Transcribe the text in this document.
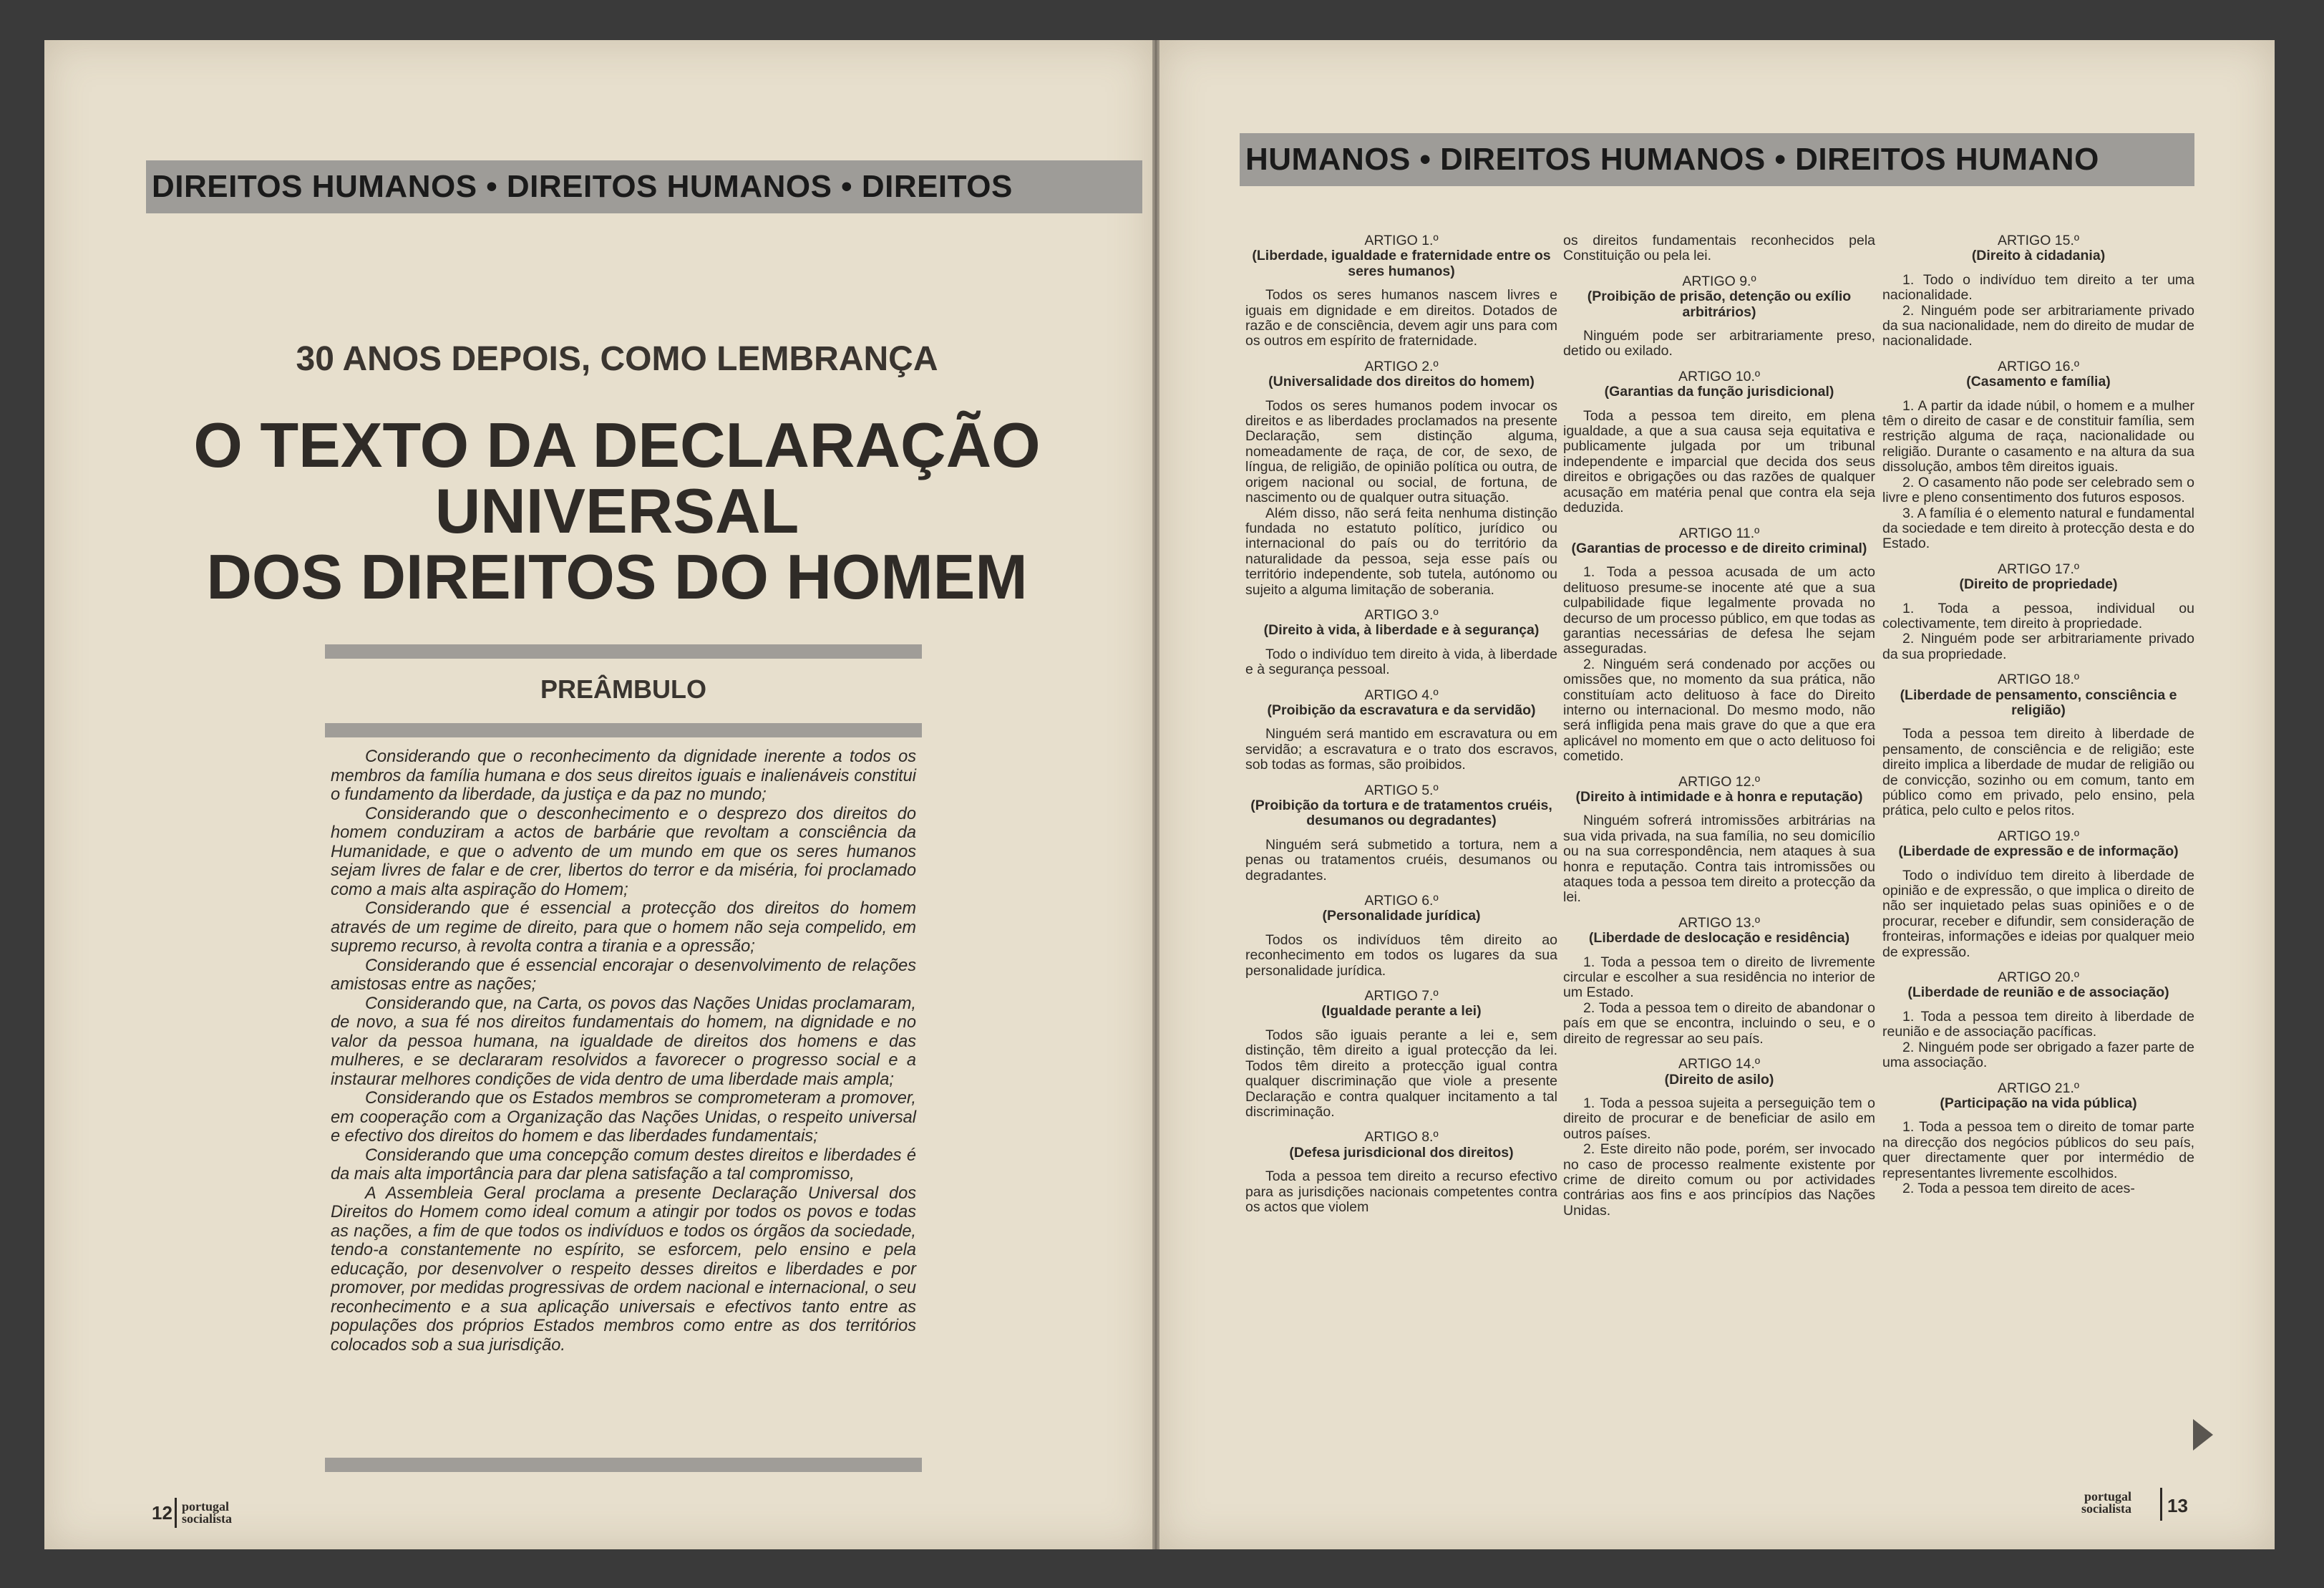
DIREITOS HUMANOS • DIREITOS HUMANOS • DIREITOS
30 ANOS DEPOIS, COMO LEMBRANÇA
O TEXTO DA DECLARAÇÃO
UNIVERSAL
DOS DIREITOS DO HOMEM
PREÂMBULO

Considerando que o reconhecimento da dignidade inerente a todos os membros da família humana e dos seus direitos iguais e inalienáveis constitui o fundamento da liberdade, da justiça e da paz no mundo;

Considerando que o desconhecimento e o desprezo dos direitos do homem conduziram a actos de barbárie que revoltam a consciência da Humanidade, e que o advento de um mundo em que os seres humanos sejam livres de falar e de crer, libertos do terror e da miséria, foi proclamado como a mais alta aspiração do Homem;

Considerando que é essencial a protecção dos direitos do homem através de um regime de direito, para que o homem não seja compelido, em supremo recurso, à revolta contra a tirania e a opressão;

Considerando que é essencial encorajar o desenvolvimento de relações amistosas entre as nações;

Considerando que, na Carta, os povos das Nações Unidas proclamaram, de novo, a sua fé nos direitos fundamentais do homem, na dignidade e no valor da pessoa humana, na igualdade de direitos dos homens e das mulheres, e se declararam resolvidos a favorecer o progresso social e a instaurar melhores condições de vida dentro de uma liberdade mais ampla;

Considerando que os Estados membros se comprometeram a promover, em cooperação com a Organização das Nações Unidas, o respeito universal e efectivo dos direitos do homem e das liberdades fundamentais;

Considerando que uma concepção comum destes direitos e liberdades é da mais alta importância para dar plena satisfação a tal compromisso,

A Assembleia Geral proclama a presente Declaração Universal dos Direitos do Homem como ideal comum a atingir por todos os povos e todas as nações, a fim de que todos os indivíduos e todos os órgãos da sociedade, tendo-a constantemente no espírito, se esforcem, pelo ensino e pela educação, por desenvolver o respeito desses direitos e liberdades e por promover, por medidas progressivas de ordem nacional e internacional, o seu reconhecimento e a sua aplicação universais e efectivos tanto entre as populações dos próprios Estados membros como entre as dos territórios colocados sob a sua jurisdição.

12 portugal
socialista
HUMANOS • DIREITOS HUMANOS • DIREITOS HUMANO
ARTIGO 1.º
(Liberdade, igualdade e fraternidade entre os seres humanos)

Todos os seres humanos nascem livres e iguais em dignidade e em direitos. Dotados de razão e de consciência, devem agir uns para com os outros em espírito de fraternidade.

ARTIGO 2.º
(Universalidade dos direitos do homem)

Todos os seres humanos podem invocar os direitos e as liberdades proclamados na presente Declaração, sem distinção alguma, nomeadamente de raça, de cor, de sexo, de língua, de religião, de opinião política ou outra, de origem nacional ou social, de fortuna, de nascimento ou de qualquer outra situação.

Além disso, não será feita nenhuma distinção fundada no estatuto político, jurídico ou internacional do país ou do território da naturalidade da pessoa, seja esse país ou território independente, sob tutela, autónomo ou sujeito a alguma limitação de soberania.

ARTIGO 3.º
(Direito à vida, à liberdade e à segurança)

Todo o indivíduo tem direito à vida, à liberdade e à segurança pessoal.

ARTIGO 4.º
(Proibição da escravatura e da servidão)

Ninguém será mantido em escravatura ou em servidão; a escravatura e o trato dos escravos, sob todas as formas, são proibidos.

ARTIGO 5.º
(Proibição da tortura e de tratamentos cruéis, desumanos ou degradantes)

Ninguém será submetido a tortura, nem a penas ou tratamentos cruéis, desumanos ou degradantes.

ARTIGO 6.º
(Personalidade jurídica)

Todos os indivíduos têm direito ao reconhecimento em todos os lugares da sua personalidade jurídica.

ARTIGO 7.º
(Igualdade perante a lei)

Todos são iguais perante a lei e, sem distinção, têm direito a igual protecção da lei. Todos têm direito a protecção igual contra qualquer discriminação que viole a presente Declaração e contra qualquer incitamento a tal discriminação.

ARTIGO 8.º
(Defesa jurisdicional dos direitos)

Toda a pessoa tem direito a recurso efectivo para as jurisdições nacionais competentes contra os actos que violem

os direitos fundamentais reconhecidos pela Constituição ou pela lei.

ARTIGO 9.º
(Proibição de prisão, detenção ou exílio arbitrários)

Ninguém pode ser arbitrariamente preso, detido ou exilado.

ARTIGO 10.º
(Garantias da função jurisdicional)

Toda a pessoa tem direito, em plena igualdade, a que a sua causa seja equitativa e publicamente julgada por um tribunal independente e imparcial que decida dos seus direitos e obrigações ou das razões de qualquer acusação em matéria penal que contra ela seja deduzida.

ARTIGO 11.º
(Garantias de processo e de direito criminal)

1. Toda a pessoa acusada de um acto delituoso presume-se inocente até que a sua culpabilidade fique legalmente provada no decurso de um processo público, em que todas as garantias necessárias de defesa lhe sejam asseguradas.

2. Ninguém será condenado por acções ou omissões que, no momento da sua prática, não constituíam acto delituoso à face do Direito interno ou internacional. Do mesmo modo, não será infligida pena mais grave do que a que era aplicável no momento em que o acto delituoso foi cometido.

ARTIGO 12.º
(Direito à intimidade e à honra e reputação)

Ninguém sofrerá intromissões arbitrárias na sua vida privada, na sua família, no seu domicílio ou na sua correspondência, nem ataques à sua honra e reputação. Contra tais intromissões ou ataques toda a pessoa tem direito a protecção da lei.

ARTIGO 13.º
(Liberdade de deslocação e residência)

1. Toda a pessoa tem o direito de livremente circular e escolher a sua residência no interior de um Estado.

2. Toda a pessoa tem o direito de abandonar o país em que se encontra, incluindo o seu, e o direito de regressar ao seu país.

ARTIGO 14.º
(Direito de asilo)

1. Toda a pessoa sujeita a perseguição tem o direito de procurar e de beneficiar de asilo em outros países.

2. Este direito não pode, porém, ser invocado no caso de processo realmente existente por crime de direito comum ou por actividades contrárias aos fins e aos princípios das Nações Unidas.

ARTIGO 15.º
(Direito à cidadania)

1. Todo o indivíduo tem direito a ter uma nacionalidade.

2. Ninguém pode ser arbitrariamente privado da sua nacionalidade, nem do direito de mudar de nacionalidade.

ARTIGO 16.º
(Casamento e família)

1. A partir da idade núbil, o homem e a mulher têm o direito de casar e de constituir família, sem restrição alguma de raça, nacionalidade ou religião. Durante o casamento e na altura da sua dissolução, ambos têm direitos iguais.

2. O casamento não pode ser celebrado sem o livre e pleno consentimento dos futuros esposos.

3. A família é o elemento natural e fundamental da sociedade e tem direito à protecção desta e do Estado.

ARTIGO 17.º
(Direito de propriedade)

1. Toda a pessoa, individual ou colectivamente, tem direito à propriedade.

2. Ninguém pode ser arbitrariamente privado da sua propriedade.

ARTIGO 18.º
(Liberdade de pensamento, consciência e religião)

Toda a pessoa tem direito à liberdade de pensamento, de consciência e de religião; este direito implica a liberdade de mudar de religião ou de convicção, sozinho ou em comum, tanto em público como em privado, pelo ensino, pela prática, pelo culto e pelos ritos.

ARTIGO 19.º
(Liberdade de expressão e de informação)

Todo o indivíduo tem direito à liberdade de opinião e de expressão, o que implica o direito de não ser inquietado pelas suas opiniões e o de procurar, receber e difundir, sem consideração de fronteiras, informações e ideias por qualquer meio de expressão.

ARTIGO 20.º
(Liberdade de reunião e de associação)

1. Toda a pessoa tem direito à liberdade de reunião e de associação pacíficas.

2. Ninguém pode ser obrigado a fazer parte de uma associação.

ARTIGO 21.º
(Participação na vida pública)

1. Toda a pessoa tem o direito de tomar parte na direcção dos negócios públicos do seu país, quer directamente quer por intermédio de representantes livremente escolhidos.

2. Toda a pessoa tem direito de aces-

portugal
socialista 13
